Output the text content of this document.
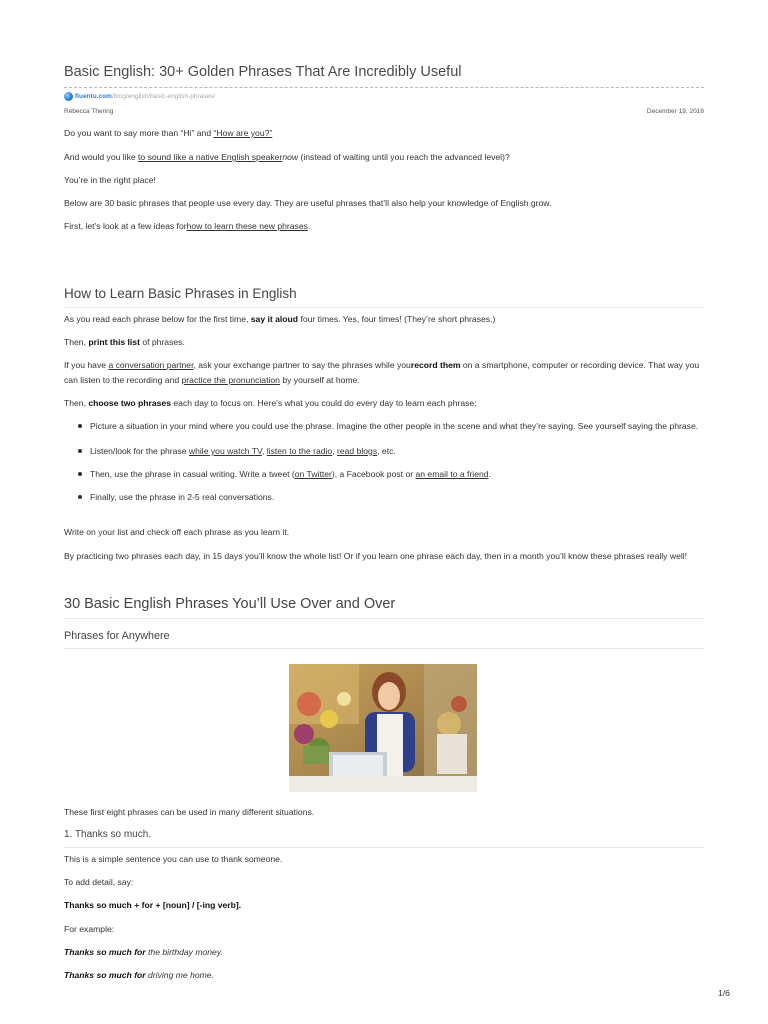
Basic English: 30+ Golden Phrases That Are Incredibly Useful
fluentu.com /blog/english/basic-english-phrases/
Rebecca Thering	December 19, 2016
Do you want to say more than “Hi” and “How are you?”
And would you like to sound like a native English speakernow (instead of waiting until you reach the advanced level)?
You’re in the right place!
Below are 30 basic phrases that people use every day. They are useful phrases that’ll also help your knowledge of English grow.
First, let’s look at a few ideas forhow to learn these new phrases.
How to Learn Basic Phrases in English
As you read each phrase below for the first time, say it aloud four times. Yes, four times! (They’re short phrases.)
Then, print this list of phrases.
If you have a conversation partner, ask your exchange partner to say the phrases while yourecord them on a smartphone, computer or recording device. That way you can listen to the recording and practice the pronunciation by yourself at home.
Then, choose two phrases each day to focus on. Here’s what you could do every day to learn each phrase:
Picture a situation in your mind where you could use the phrase. Imagine the other people in the scene and what they’re saying. See yourself saying the phrase.
Listen/look for the phrase while you watch TV, listen to the radio, read blogs, etc.
Then, use the phrase in casual writing. Write a tweet (on Twitter), a Facebook post or an email to a friend.
Finally, use the phrase in 2-5 real conversations.
Write on your list and check off each phrase as you learn it.
By practicing two phrases each day, in 15 days you’ll know the whole list! Or if you learn one phrase each day, then in a month you’ll know these phrases really well!
30 Basic English Phrases You’ll Use Over and Over
Phrases for Anywhere
These first eight phrases can be used in many different situations.
1. Thanks so much.
This is a simple sentence you can use to thank someone.
To add detail, say:
Thanks so much + for + [noun] / [-ing verb].
For example:
Thanks so much for the birthday money.
Thanks so much for driving me home.
1/6
